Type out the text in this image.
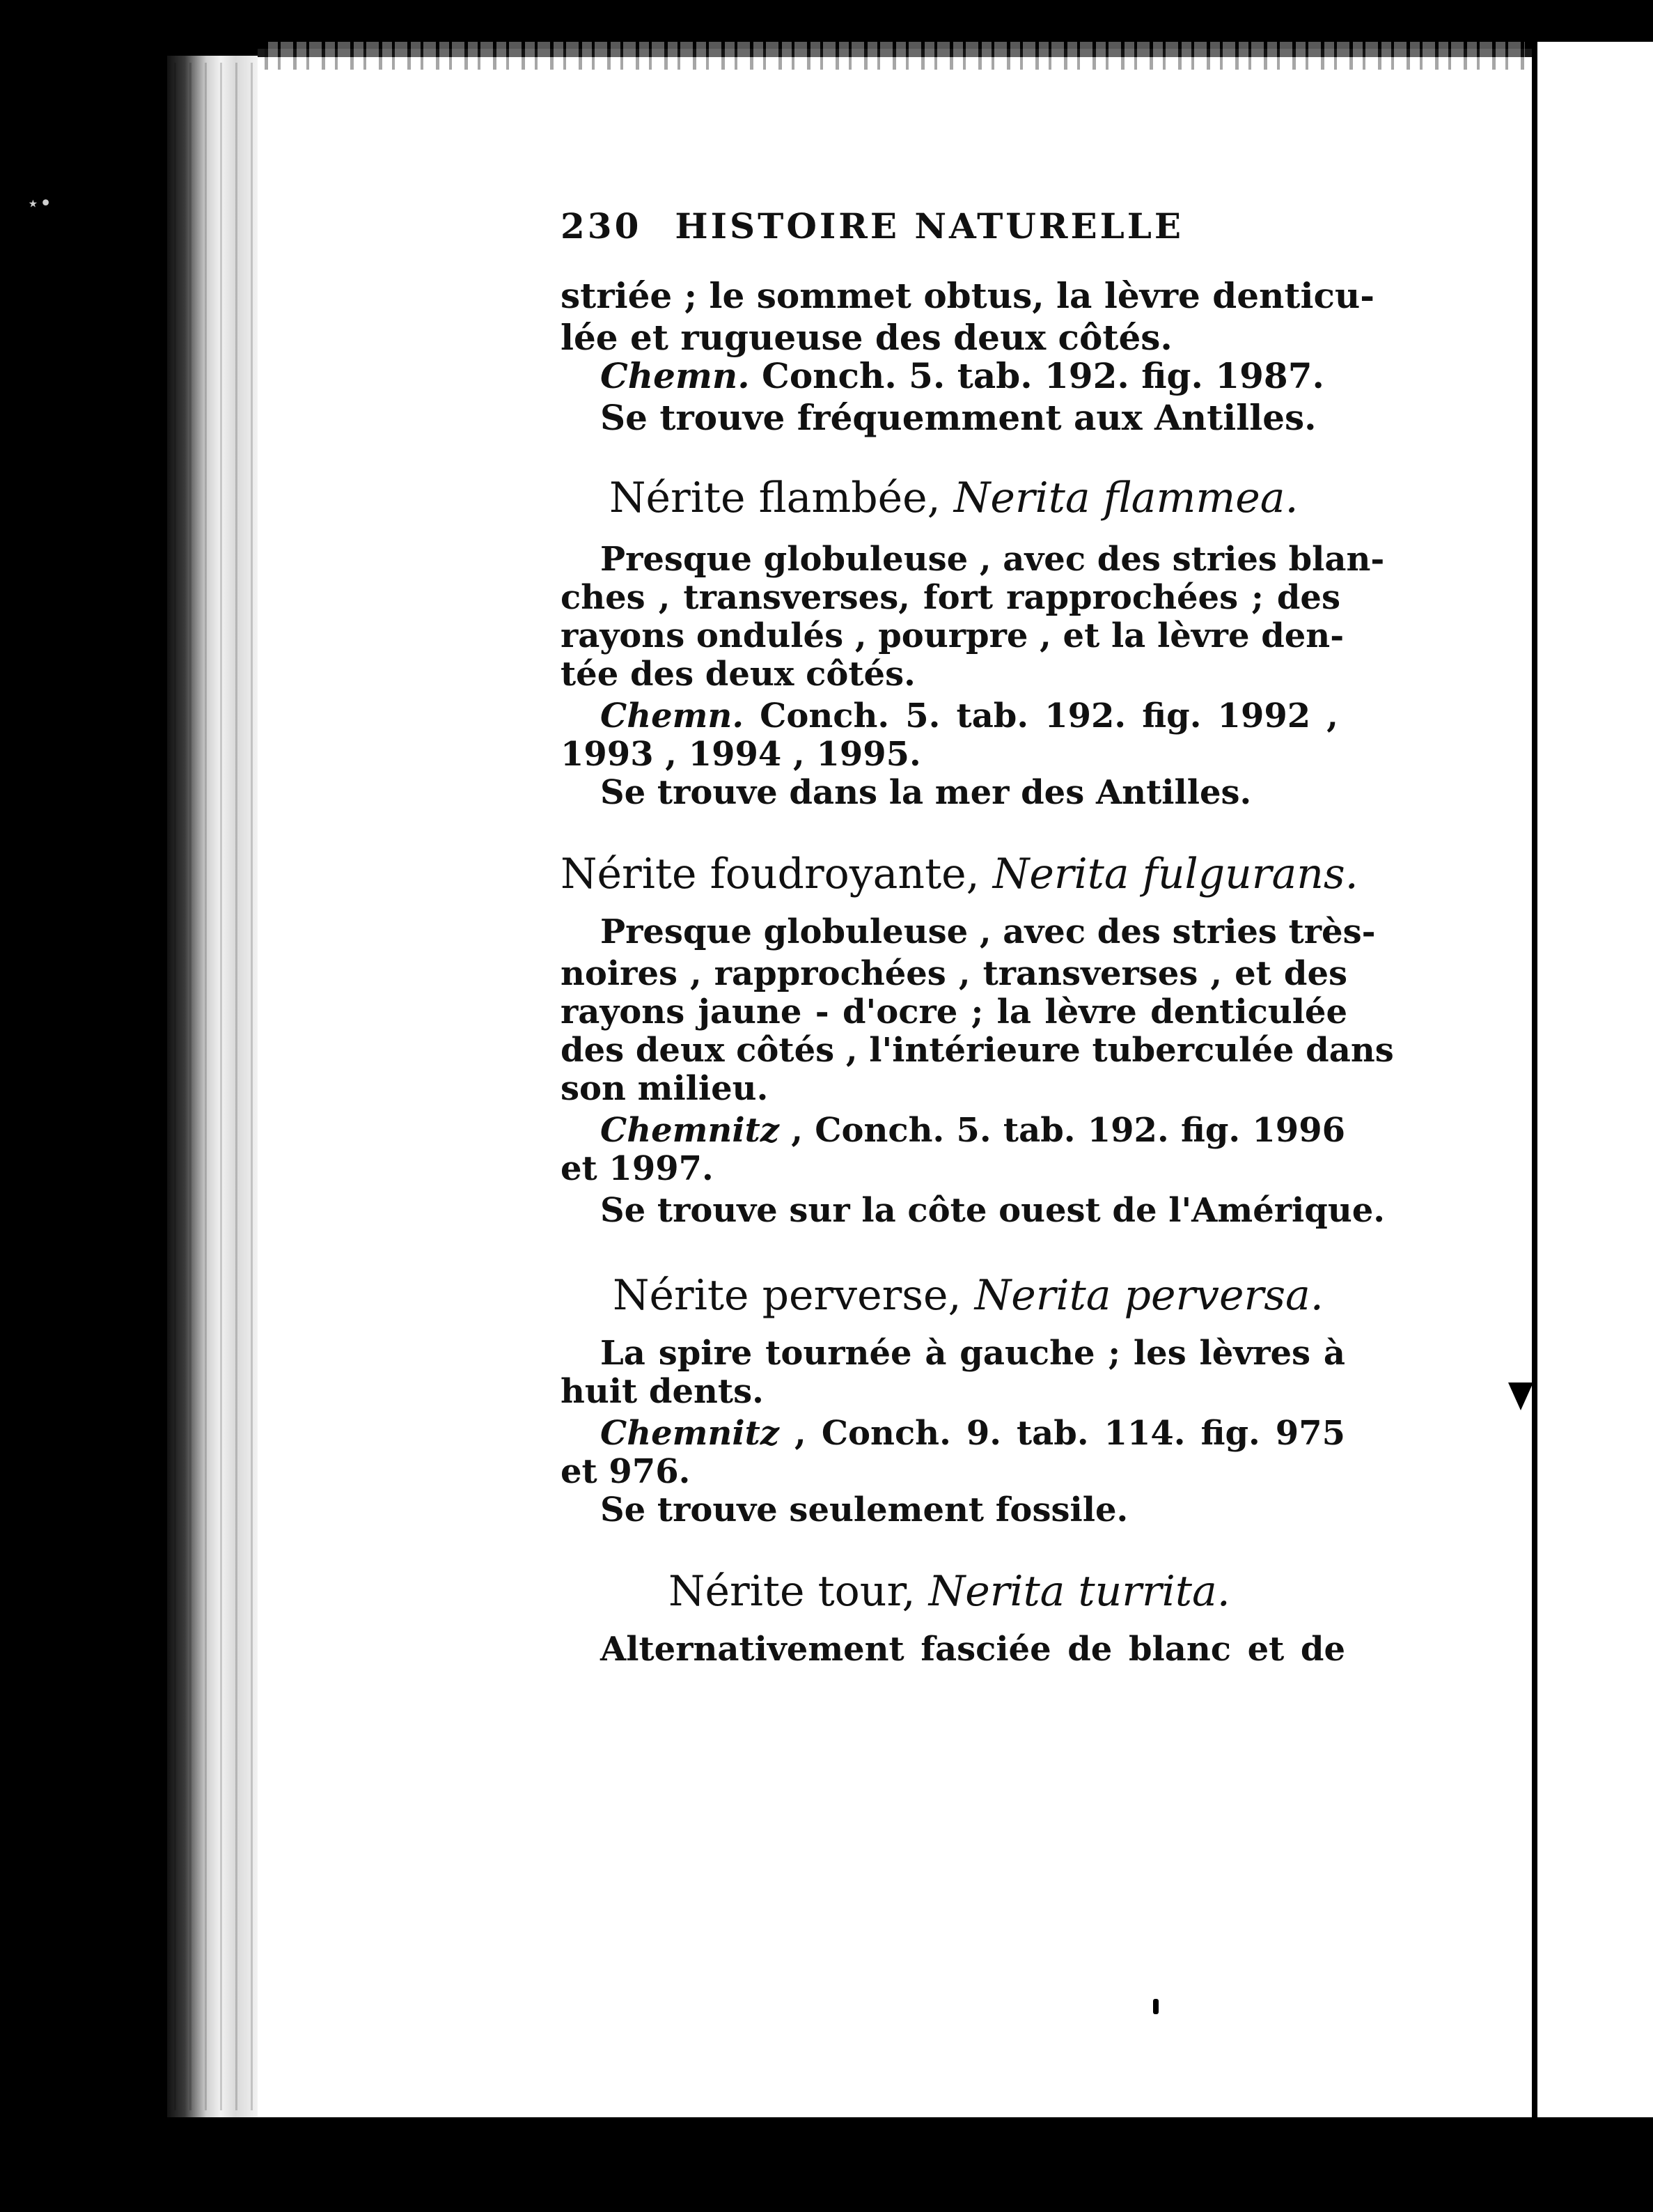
⋆•
230 HISTOIRE NATURELLE
striée ; le sommet obtus, la lèvre denticu-
lée et rugueuse des deux côtés.
Chemn. Conch. 5. tab. 192. fig. 1987.
Se trouve fréquemment aux Antilles.
Nérite flambée, Nerita flammea.
Presque globuleuse , avec des stries blan-
ches , transverses, fort rapprochées ; des
rayons ondulés , pourpre , et la lèvre den-
tée des deux côtés.
Chemn. Conch. 5. tab. 192. fig. 1992 ,
1993 , 1994 , 1995.
Se trouve dans la mer des Antilles.
Nérite foudroyante, Nerita fulgurans.
Presque globuleuse , avec des stries très-
noires , rapprochées , transverses , et des
rayons jaune - d'ocre ; la lèvre denticulée
des deux côtés , l'intérieure tuberculée dans
son milieu.
Chemnitz , Conch. 5. tab. 192. fig. 1996
et 1997.
Se trouve sur la côte ouest de l'Amérique.
Nérite perverse, Nerita perversa.
La spire tournée à gauche ; les lèvres à
huit dents.
Chemnitz , Conch. 9. tab. 114. fig. 975
et 976.
Se trouve seulement fossile.
Nérite tour, Nerita turrita.
Alternativement fasciée de blanc et de
